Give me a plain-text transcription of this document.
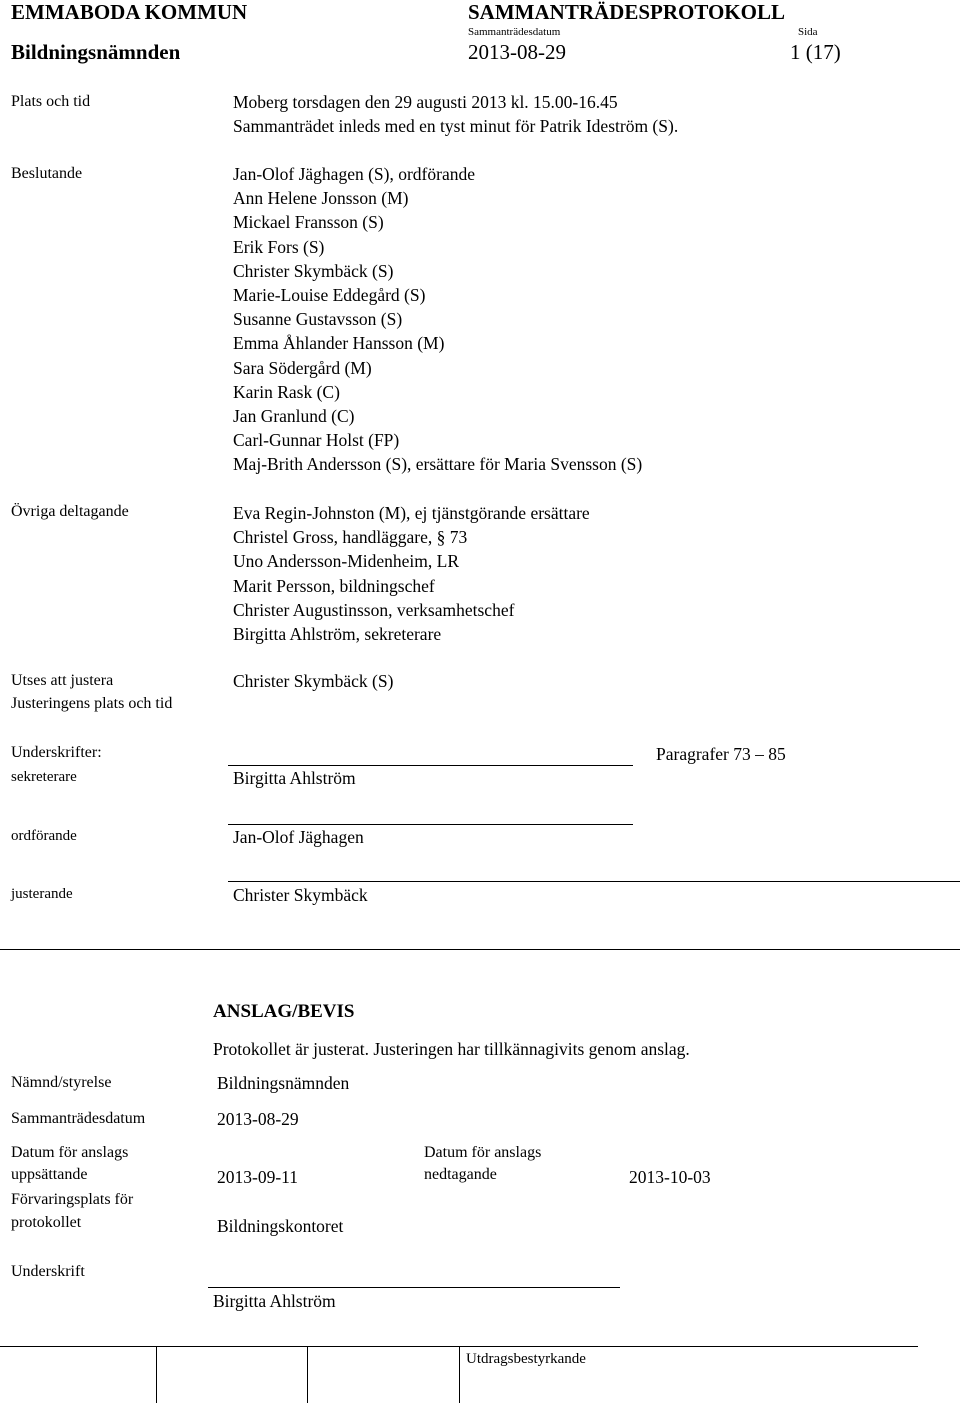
EMMABODA KOMMUN	SAMMANTRÄDESPROTOKOLL
Sammanträdesdatum	Sida
Bildningsnämnden	2013-08-29	1 (17)
Plats och tid	Moberg torsdagen den 29 augusti 2013 kl. 15.00-16.45
Sammanträdet inleds med en tyst minut för Patrik Ideström (S).
Beslutande	Jan-Olof Jäghagen (S), ordförande
Ann Helene Jonsson (M)
Mickael Fransson (S)
Erik Fors (S)
Christer Skymbäck (S)
Marie-Louise Eddegård (S)
Susanne Gustavsson (S)
Emma Åhlander Hansson (M)
Sara Södergård (M)
Karin Rask (C)
Jan Granlund (C)
Carl-Gunnar Holst (FP)
Maj-Brith Andersson (S), ersättare för Maria Svensson (S)
Övriga deltagande	Eva Regin-Johnston (M), ej tjänstgörande ersättare
Christel Gross, handläggare, § 73
Uno Andersson-Midenheim, LR
Marit Persson, bildningschef
Christer Augustinsson, verksamhetschef
Birgitta Ahlström, sekreterare
Utses att justera
Justeringens plats och tid
Christer Skymbäck (S)
Underskrifter:	Paragrafer 73 – 85
sekreterare	Birgitta Ahlström
ordförande	Jan-Olof Jäghagen
justerande	Christer Skymbäck
ANSLAG/BEVIS
Protokollet är justerat. Justeringen har tillkännagivits genom anslag.
Nämnd/styrelse	Bildningsnämnden
Sammanträdesdatum	2013-08-29
Datum för anslags
uppsättande	2013-09-11
Datum för anslags
nedtagande	2013-10-03
Förvaringsplats för
protokollet	Bildningskontoret
Underskrift
Birgitta Ahlström
Utdragsbestyrkande
